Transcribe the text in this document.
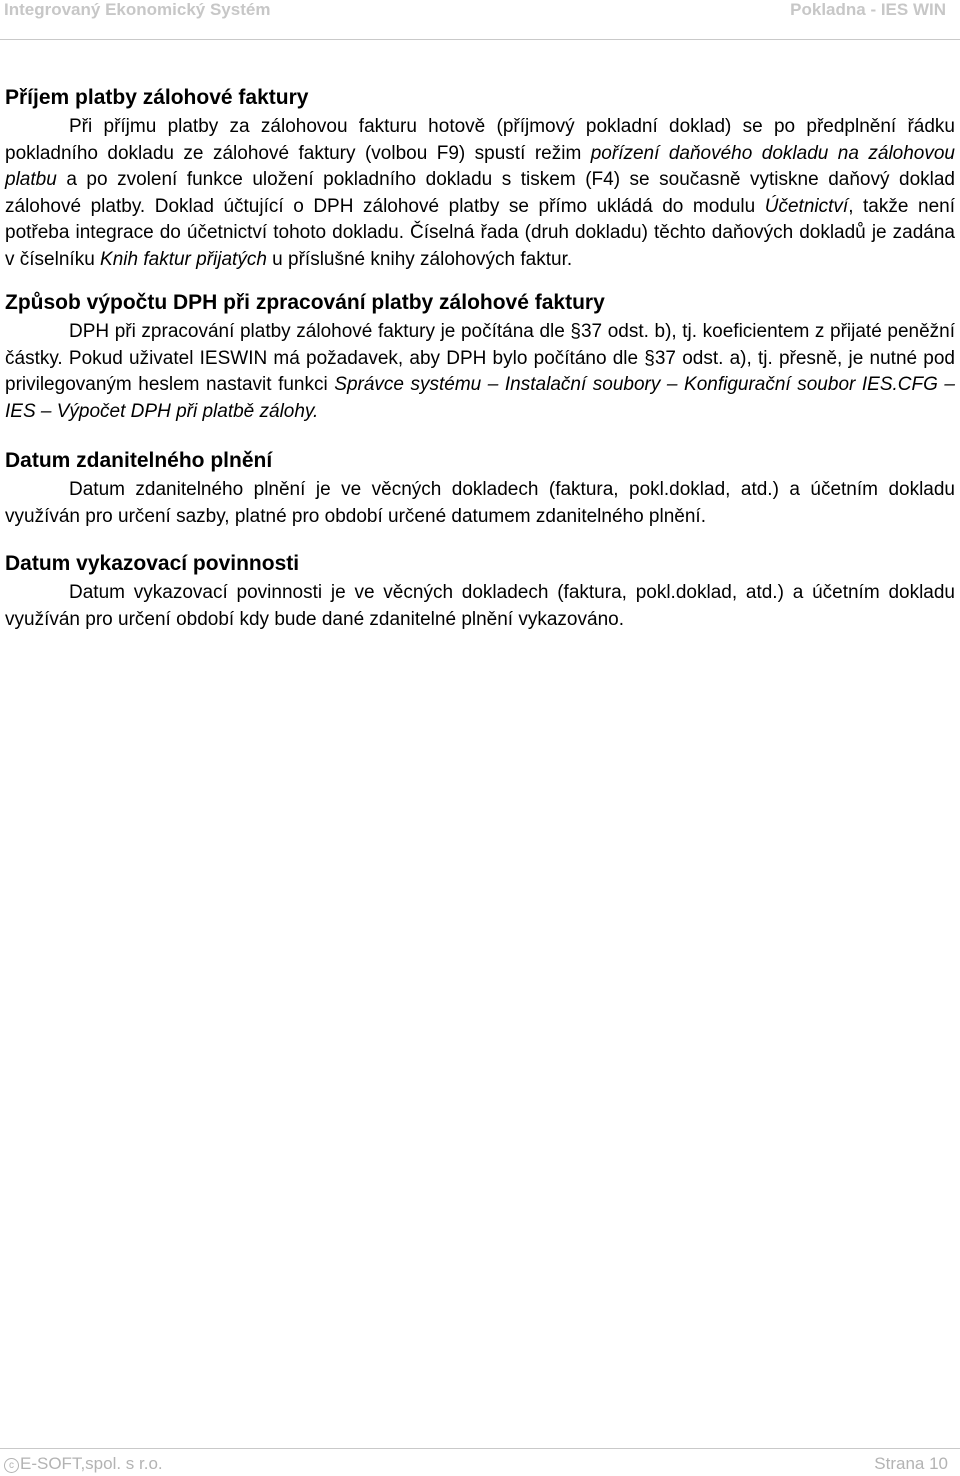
Integrovaný Ekonomický Systém	Pokladna - IES WIN
Příjem platby zálohové faktury

Při příjmu platby za zálohovou fakturu hotově (příjmový pokladní doklad) se po předplnění řádku pokladního dokladu ze zálohové faktury (volbou F9) spustí režim pořízení daňového dokladu na zálohovou platbu a po zvolení funkce uložení pokladního dokladu s tiskem (F4) se současně vytiskne daňový doklad zálohové platby. Doklad účtující o DPH zálohové platby se přímo ukládá do modulu Účetnictví, takže není potřeba integrace do účetnictví tohoto dokladu. Číselná řada (druh dokladu) těchto daňových dokladů je zadána v číselníku Knih faktur přijatých u příslušné knihy zálohových faktur.

Způsob výpočtu DPH při zpracování platby zálohové faktury

DPH při zpracování platby zálohové faktury je počítána dle §37 odst. b), tj. koeficientem z přijaté peněžní částky. Pokud uživatel IESWIN má požadavek, aby DPH bylo počítáno dle §37 odst. a), tj. přesně, je nutné pod privilegovaným heslem nastavit funkci Správce systému – Instalační soubory – Konfigurační soubor IES.CFG – IES – Výpočet DPH při platbě zálohy.

Datum zdanitelného plnění

Datum zdanitelného plnění je ve věcných dokladech (faktura, pokl.doklad, atd.) a účetním dokladu využíván pro určení sazby, platné pro období určené datumem zdanitelného plnění.

Datum vykazovací povinnosti

Datum vykazovací povinnosti je ve věcných dokladech (faktura, pokl.doklad, atd.) a účetním dokladu využíván pro určení období kdy bude dané zdanitelné plnění vykazováno.

c E-SOFT,spol. s r.o.	Strana 10
